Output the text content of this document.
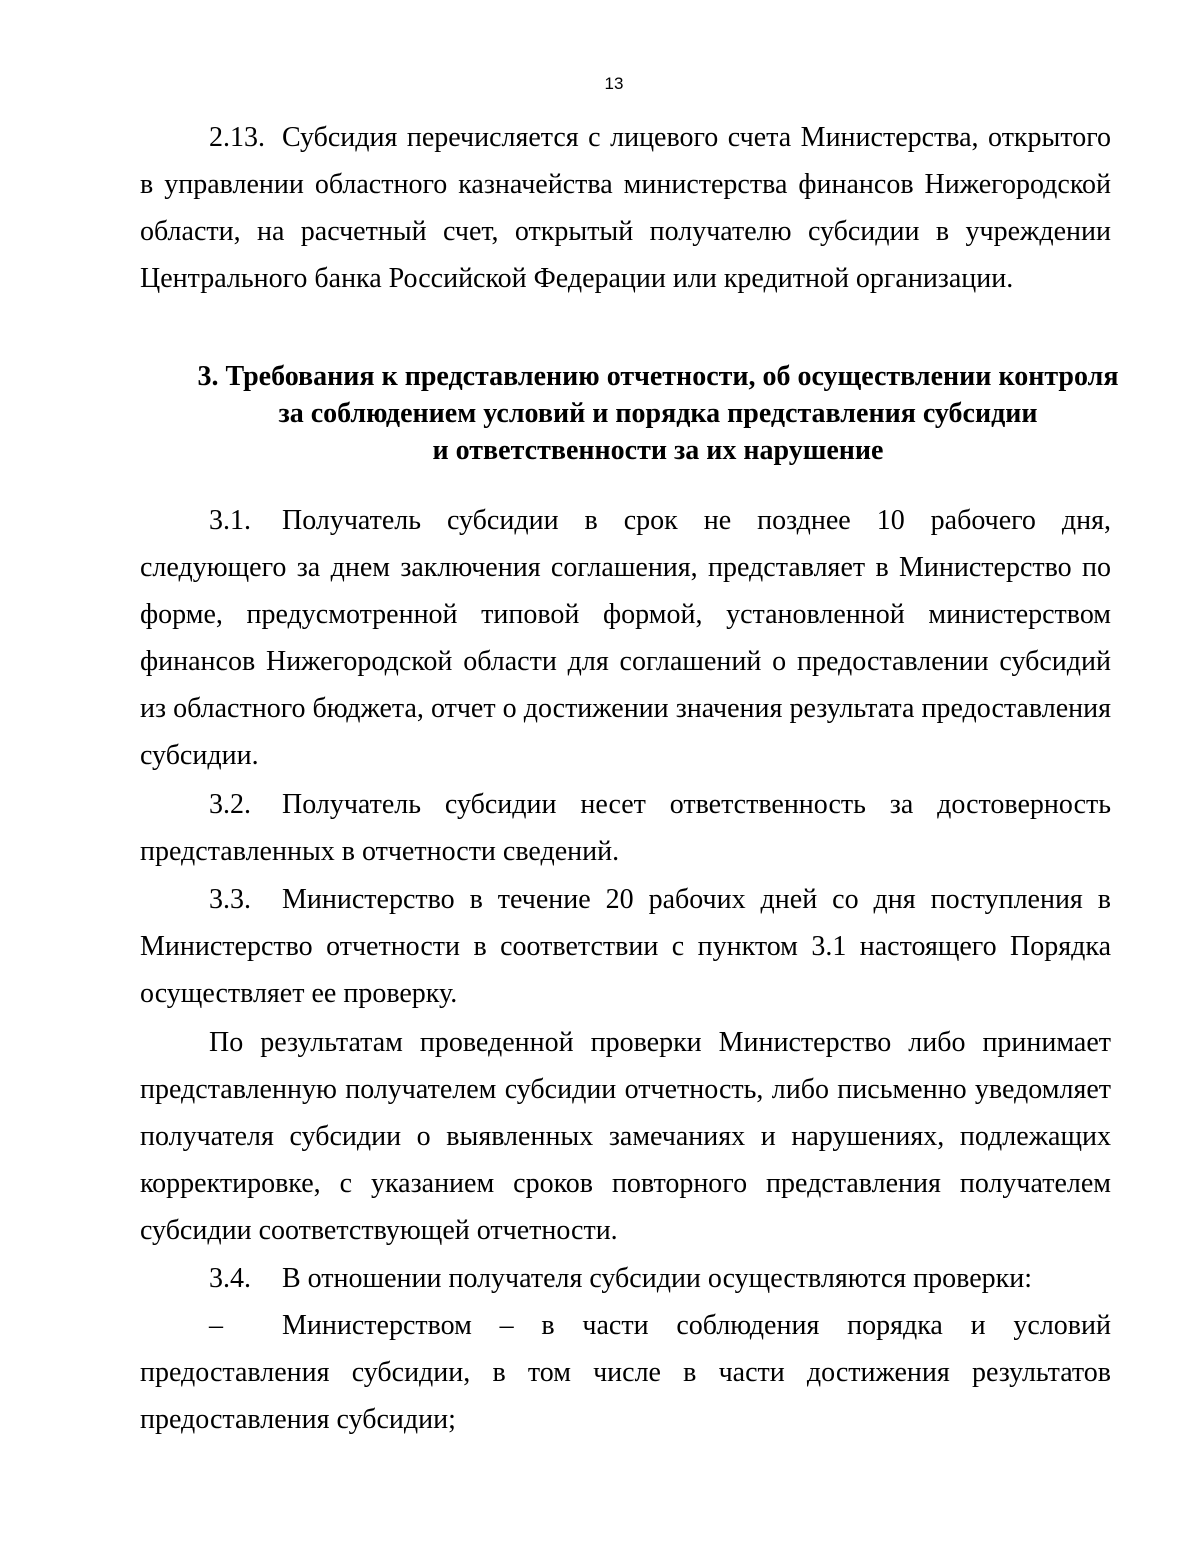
13

2.13. Субсидия перечисляется с лицевого счета Министерства, открытого в управлении областного казначейства министерства финансов Нижегородской области, на расчетный счет, открытый получателю субсидии в учреждении Центрального банка Российской Федерации или кредитной организации.

3. Требования к представлению отчетности, об осуществлении контроля
за соблюдением условий и порядка представления субсидии
и ответственности за их нарушение

3.1. Получатель субсидии в срок не позднее 10 рабочего дня, следующего за днем заключения соглашения, представляет в Министерство по форме, предусмотренной типовой формой, установленной министерством финансов Нижегородской области для соглашений о предоставлении субсидий из областного бюджета, отчет о достижении значения результата предоставления субсидии.

3.2. Получатель субсидии несет ответственность за достоверность представленных в отчетности сведений.

3.3. Министерство в течение 20 рабочих дней со дня поступления в Министерство отчетности в соответствии с пунктом 3.1 настоящего Порядка осуществляет ее проверку.

По результатам проведенной проверки Министерство либо принимает представленную получателем субсидии отчетность, либо письменно уведомляет получателя субсидии о выявленных замечаниях и нарушениях, подлежащих корректировке, с указанием сроков повторного представления получателем субсидии соответствующей отчетности.

3.4. В отношении получателя субсидии осуществляются проверки:

– Министерством – в части соблюдения порядка и условий предоставления субсидии, в том числе в части достижения результатов предоставления субсидии;
